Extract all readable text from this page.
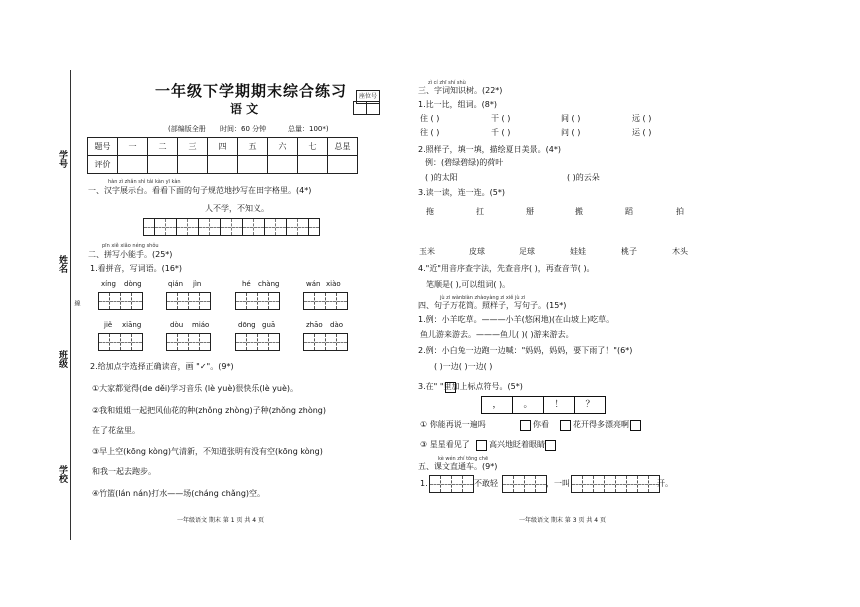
学号
姓名
班级
学校
線
一年级下学期期末综合练习
语 文
座位号

(部编版全册 时间：60 分钟	总量：100*)
题号	一	二	三	四	五	六	七	总星
评价								
hàn zì zhǎn shì tái kàn yī kàn
一、汉字展示台。看看下面的句子规范地抄写在田字格里。(4*)
人不学，不知义。
pīn xiě xiǎo néng shǒu
二、拼写小能手。(25*)
1.看拼音，写词语。(16*)
xíng dòng	qián jìn	hé chàng	wán xiào
jiě xiāng	dòu miáo	dōng guā	zhāo dào
2.给加点字选择正确读音，画 "✓"。(9*)
①大家都觉得(de děi)学习音乐 (lè yuè)很快乐(lè yuè)。
②我和姐姐一起把风仙花的种(zhǒng zhòng)子种(zhǒng zhòng)
在了花盆里。
③早上空(kōng kòng)气清新，不知道张明有没有空(kōng kòng)
和我一起去跑步。
④竹篮(lán nán)打水——场(cháng chǎng)空。
一年级语文 期末 第 1 页 共 4 页
zì cí zhī shí shù
三、字词知识树。(22*)
1.比一比，组词。(8*)
住 ( )	干 ( )	间 ( )	远 ( )
往 ( )	千 ( )	问 ( )	运 ( )
2.照样子，填一填，描绘夏日美景。(4*)
例：(碧绿碧绿)的荷叶
( )的太阳	( )的云朵
3.读一读，连一连。(5*)
拖	扛	掰	搬	蹈	拍
玉米	皮球	足球	娃娃	桃子	木头
4."近"用音序查字法，先查音序( )，再查音节( )。
笔顺是( ),可以组词( )。
jù zi wànbiàn zhàoyàng zi xiě jù zi
四、句子万花筒。照样子，写句子。(15*)
1.例：小羊吃草。———小羊(悠闲地)(在山坡上)吃草。
鱼儿游来游去。———鱼儿( )( )游来游去。
2.例：小白兔一边跑一边喊："妈妈，妈妈，要下雨了！"(6*)
( )一边( )一边( )
3.在" "里加上标点符号。(5*)
，	。	！	？
① 你能再说一遍吗	你看	花开得多漂亮啊
③ 星星看见了 高兴地眨着眼睛
kè wén zhí tōng chē
五、课文直通车。(9*)
1.	不敢轻	，一叫	开。
一年级语文 期末 第 3 页 共 4 页
